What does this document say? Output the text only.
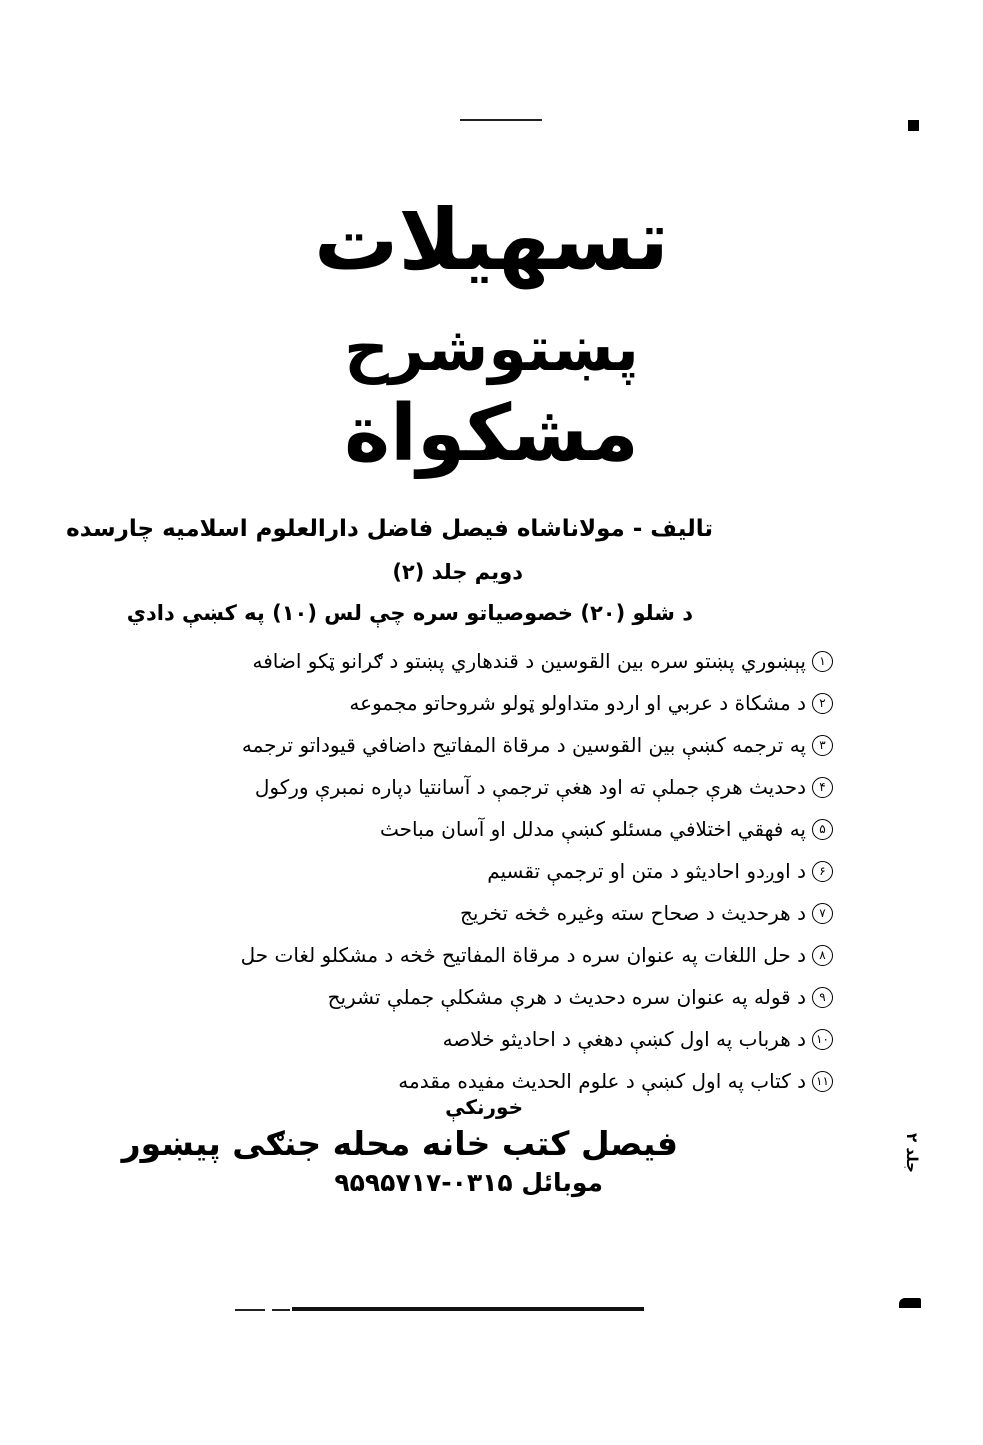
تسهیلات
پښتوشرح
مشکواة
تالیف - مولاناشاه فیصل فاضل دارالعلوم اسلامیه چارسده
دویم جلد (۲)
د شلو (۲۰) خصوصیاتو سره چې لس (۱۰) په کښې دادي
۱
پېښوري پښتو سره بين القوسين د قندهاري پښتو د ګرانو ټکو اضافه
۲
د مشکاة د عربي او اردو متداولو ټولو شروحاتو مجموعه
۳
په ترجمه کښې بين القوسين د مرقاة المفاتيح داضافي قيوداتو ترجمه
۴
دحديث هرې جملې ته اود هغې ترجمې د آسانتيا دپاره نمبرې ورکول
۵
په فهقي اختلافي مسئلو کښې مدلل او آسان مباحث
۶
د اوږدو احاديثو د متن او ترجمې تقسيم
۷
د هرحديث د صحاح سته وغيره څخه تخريج
۸
د حل اللغات په عنوان سره د مرقاة المفاتيح څخه د مشکلو لغات حل
۹
د قوله په عنوان سره دحديث د هرې مشکلې جملې تشريح
۱۰
د هرباب په اول کښې دهغې د احاديثو خلاصه
۱۱
د کتاب په اول کښې د علوم الحديث مفيده مقدمه
خورنکې
فیصل کتب خانه محله جنګی پیښور
موبائل ۰۳۱۵-۹۵۹۵۷۱۷
جلد ۲
